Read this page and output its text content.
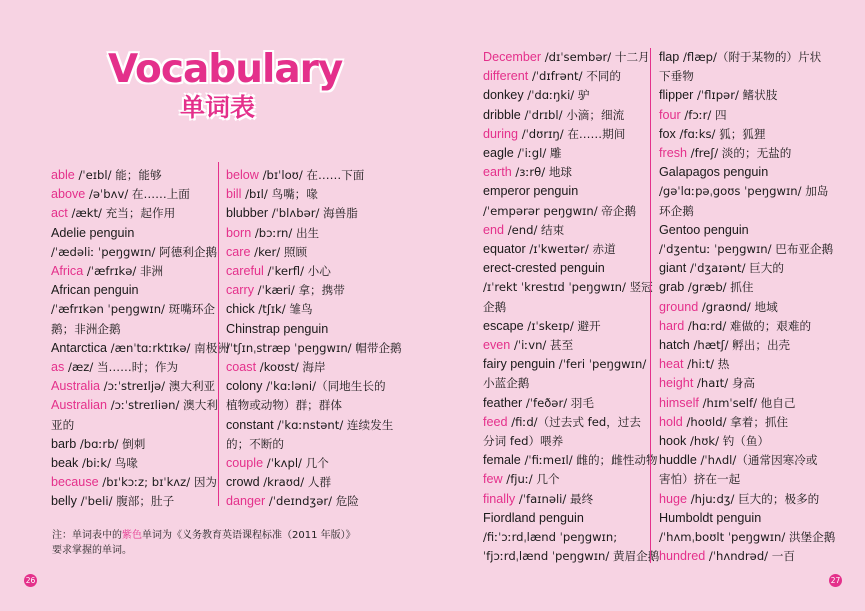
Vocabulary
单词表
able /ˈeɪbl/ 能；能够
above /əˈbʌv/ 在……上面
act /ækt/ 充当；起作用
Adelie penguin
/ˈædəliː ˈpeŋgwɪn/ 阿德利企鹅
Africa /ˈæfrɪkə/ 非洲
African penguin
/ˈæfrɪkən ˈpeŋgwɪn/ 斑嘴环企
鹅；非洲企鹅
Antarctica /ænˈtɑːrktɪkə/ 南极洲
as /æz/ 当……时；作为
Australia /ɔːˈstreɪljə/ 澳大利亚
Australian /ɔːˈstreɪliən/ 澳大利
亚的
barb /bɑːrb/ 倒刺
beak /biːk/ 鸟喙
because /bɪˈkɔːz; bɪˈkʌz/ 因为
belly /ˈbeli/ 腹部；肚子
below /bɪˈloʊ/ 在……下面
bill /bɪl/ 鸟嘴；喙
blubber /ˈblʌbər/ 海兽脂
born /bɔːrn/ 出生
care /ker/ 照顾
careful /ˈkerfl/ 小心
carry /ˈkæri/ 拿；携带
chick /tʃɪk/ 雏鸟
Chinstrap penguin
/ˈtʃɪnˌstræp ˈpeŋgwɪn/ 帽带企鹅
coast /koʊst/ 海岸
colony /ˈkɑːləni/（同地生长的
植物或动物）群；群体
constant /ˈkɑːnstənt/ 连续发生
的；不断的
couple /ˈkʌpl/ 几个
crowd /kraʊd/ 人群
danger /ˈdeɪndʒər/ 危险
December /dɪˈsembər/ 十二月
different /ˈdɪfrənt/ 不同的
donkey /ˈdɑːŋki/ 驴
dribble /ˈdrɪbl/ 小滴；细流
during /ˈdʊrɪŋ/ 在……期间
eagle /ˈiːgl/ 雕
earth /ɜːrθ/ 地球
emperor penguin
/ˈempərər peŋgwɪn/ 帝企鹅
end /end/ 结束
equator /ɪˈkweɪtər/ 赤道
erect-crested penguin
/ɪˈrekt ˈkrestɪd ˈpeŋgwɪn/ 竖冠
企鹅
escape /ɪˈskeɪp/ 避开
even /ˈiːvn/ 甚至
fairy penguin /ˈferi ˈpeŋgwɪn/
小蓝企鹅
feather /ˈfeðər/ 羽毛
feed /fiːd/（过去式 fed，过去
分词 fed）喂养
female /ˈfiːmeɪl/ 雌的；雌性动物
few /fjuː/ 几个
finally /ˈfaɪnəli/ 最终
Fiordland penguin
/fiːˈɔːrdˌlænd ˈpeŋgwɪn;
ˈfjɔːrdˌlænd ˈpeŋgwɪn/ 黄眉企鹅
flap /flæp/（附于某物的）片状
下垂物
flipper /ˈflɪpər/ 鳍状肢
four /fɔːr/ 四
fox /fɑːks/ 狐；狐狸
fresh /freʃ/ 淡的；无盐的
Galapagos penguin
/gəˈlɑːpəˌgoʊs ˈpeŋgwɪn/ 加岛
环企鹅
Gentoo penguin
/ˈdʒentuː ˈpeŋgwɪn/ 巴布亚企鹅
giant /ˈdʒaɪənt/ 巨大的
grab /græb/ 抓住
ground /graʊnd/ 地域
hard /hɑːrd/ 难做的；艰难的
hatch /hætʃ/ 孵出；出壳
heat /hiːt/ 热
height /haɪt/ 身高
himself /hɪmˈself/ 他自己
hold /hoʊld/ 拿着；抓住
hook /hʊk/ 钓（鱼）
huddle /ˈhʌdl/（通常因寒冷或
害怕）挤在一起
huge /hjuːdʒ/ 巨大的；极多的
Humboldt penguin
/ˈhʌmˌboʊlt ˈpeŋgwɪn/ 洪堡企鹅
hundred /ˈhʌndrəd/ 一百
注：单词表中的紫色单词为《义务教育英语课程标准（2011 年版）》要求掌握的单词。
26	27
